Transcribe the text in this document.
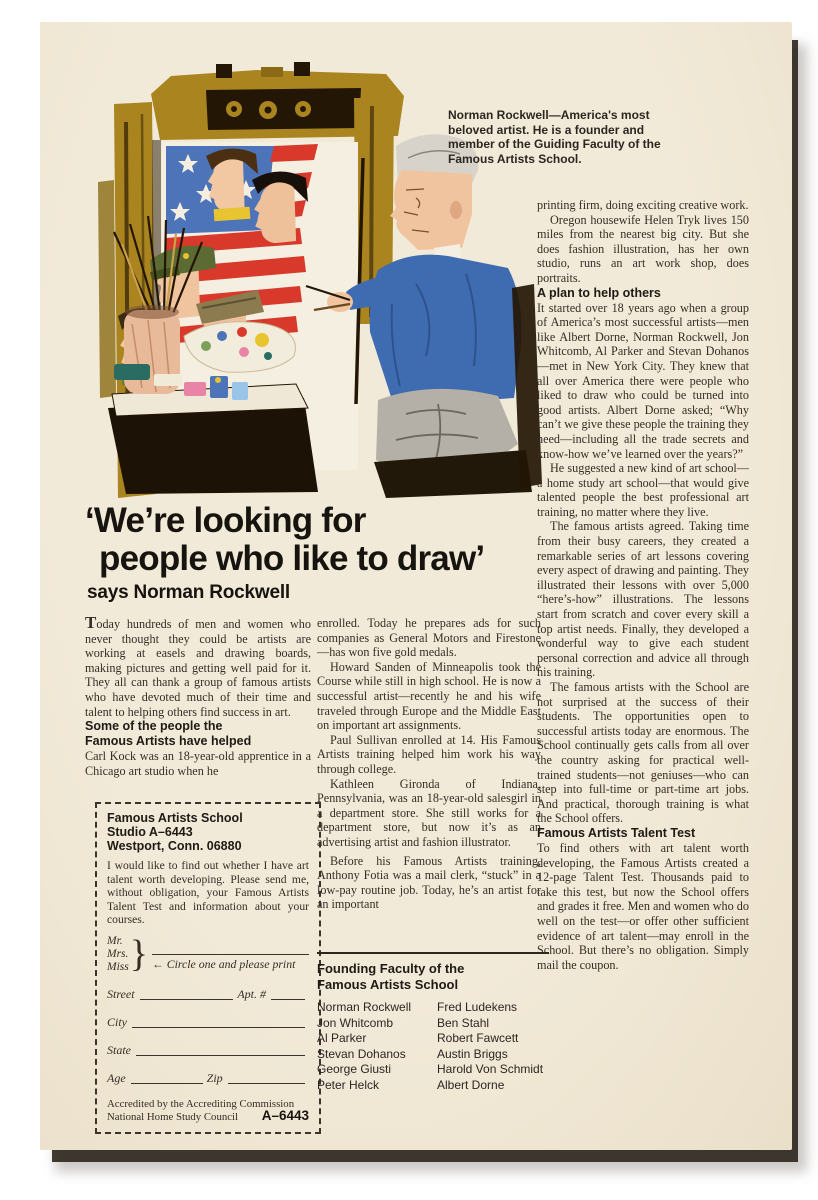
Norman Rockwell—America's most beloved artist. He is a founder and member of the Guiding Faculty of the Famous Artists School.

‘We’re looking for
people who like to draw’
says Norman Rockwell

Today hundreds of men and women who never thought they could be artists are working at easels and drawing boards, making pictures and getting well paid for it. They all can thank a group of famous artists who have devoted much of their time and talent to helping others find success in art.

Some of the people the Famous Artists have helped

Carl Kock was an 18-year-old apprentice in a Chicago art studio when he

Famous Artists School
Studio A–6443
Westport, Conn. 06880

I would like to find out whether I have art talent worth developing. Please send me, without obligation, your Famous Artists Talent Test and information about your courses.

Mr.
Mrs.
Miss } ← Circle one and please print
Street	Apt. #
City
State
Age	Zip
Accredited by the Accrediting Commission
National Home Study Council A–6443

enrolled. Today he prepares ads for such companies as General Motors and Firestone—has won five gold medals.

Howard Sanden of Minneapolis took the Course while still in high school. He is now a successful artist—recently he and his wife traveled through Europe and the Middle East on important art assignments.

Paul Sullivan enrolled at 14. His Famous Artists training helped him work his way through college.

Kathleen Gironda of Indiana, Pennsylvania, was an 18-year-old salesgirl in a department store. She still works for a department store, but now it’s as an advertising artist and fashion illustrator.

Before his Famous Artists training, Anthony Fotia was a mail clerk, “stuck” in a low-pay routine job. Today, he’s an artist for an important

Founding Faculty of the
Famous Artists School
Norman Rockwell
Jon Whitcomb
Al Parker
Stevan Dohanos
George Giusti
Peter Helck
Fred Ludekens
Ben Stahl
Robert Fawcett
Austin Briggs
Harold Von Schmidt
Albert Dorne

printing firm, doing exciting creative work.

Oregon housewife Helen Tryk lives 150 miles from the nearest big city. But she does fashion illustration, has her own studio, runs an art work shop, does portraits.

A plan to help others

It started over 18 years ago when a group of America’s most successful artists—men like Albert Dorne, Norman Rockwell, Jon Whitcomb, Al Parker and Stevan Dohanos—met in New York City. They knew that all over America there were people who liked to draw who could be turned into good artists. Albert Dorne asked; “Why can’t we give these people the training they need—including all the trade secrets and know-how we’ve learned over the years?”

He suggested a new kind of art school—a home study art school—that would give talented people the best professional art training, no matter where they live.

The famous artists agreed. Taking time from their busy careers, they created a remarkable series of art lessons covering every aspect of drawing and painting. They illustrated their lessons with over 5,000 “here’s-how” illustrations. The lessons start from scratch and cover every skill a top artist needs. Finally, they developed a wonderful way to give each student personal correction and advice all through his training.

The famous artists with the School are not surprised at the success of their students. The opportunities open to successful artists today are enormous. The School continually gets calls from all over the country asking for practical well-trained students—not geniuses—who can step into full-time or part-time art jobs. And practical, thorough training is what the School offers.

Famous Artists Talent Test

To find others with art talent worth developing, the Famous Artists created a 12-page Talent Test. Thousands paid to take this test, but now the School offers and grades it free. Men and women who do well on the test—or offer other sufficient evidence of art talent—may enroll in the School. But there’s no obligation. Simply mail the coupon.
